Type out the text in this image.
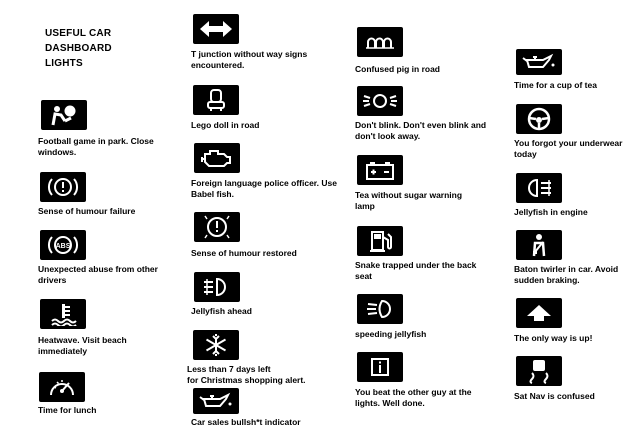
USEFUL CAR
DASHBOARD
LIGHTS
Football game in park. Close windows.
Sense of humour failure
ABS
Unexpected abuse from other drivers
Heatwave. Visit beach immediately
Time for lunch
T junction without way signs encountered.
Lego doll in road
Foreign language police officer. Use Babel fish.
Sense of humour restored
Jellyfish ahead
Less than 7 days left
for Christmas shopping alert.
Car sales bullsh*t indicator
Confused pig in road
Don't blink. Don't even blink and don't look away.
Tea without sugar warning lamp
Snake trapped under the back seat
speeding jellyfish
You beat the other guy at the lights. Well done.
Time for a cup of tea
You forgot your underwear today
Jellyfish in engine
Baton twirler in car. Avoid sudden braking.
The only way is up!
Sat Nav is confused
